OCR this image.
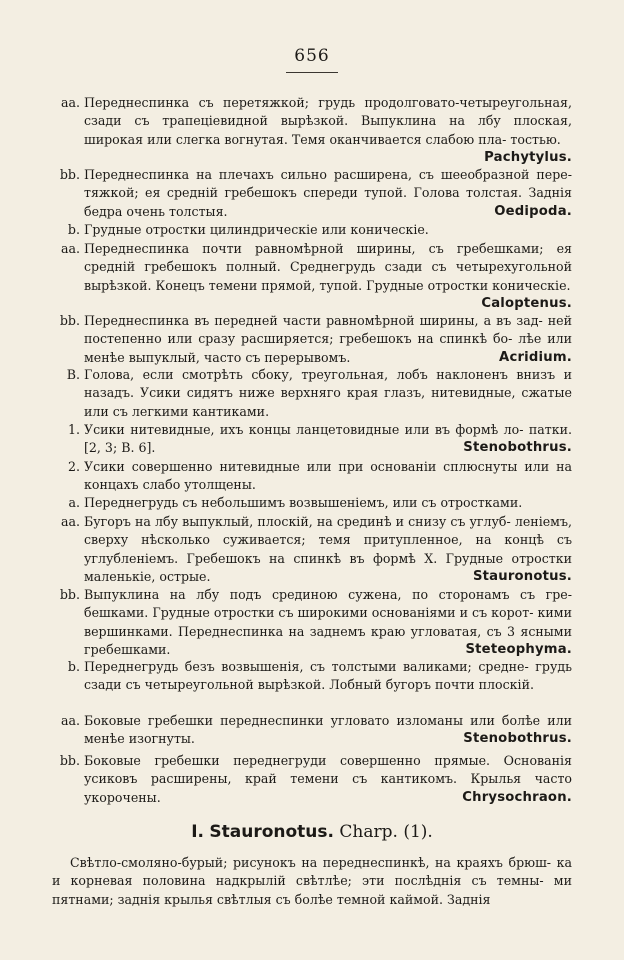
656
aa. Переднеспинка съ перетяжкой; грудь продолговато-четыреугольная, сзади съ трапецiевидной вырѣзкой. Выпуклина на лбу плоская, широкая или слегка вогнутая. Темя оканчивается слабою пла- тостью.
Pachytylus.
bb. Переднеспинка на плечахъ сильно расширена, съ шееобразной пере- тяжкой; ея среднiй гребешокъ спереди тупой. Голова толстая. Заднiя бедра очень толстыя.	Oedipoda.
b. Грудные отростки цилиндрическiе или коническiе.
aa. Переднеспинка почти равномѣрной ширины, съ гребешками; ея среднiй гребешокъ полный. Среднегрудь сзади съ четырехугольной вырѣзкой. Конецъ темени прямой, тупой. Грудные отростки коническiе.
Caloptenus.
bb. Переднеспинка въ передней части равномѣрной ширины, а въ зад- ней постепенно или сразу расширяется; гребешокъ на спинкѣ бо- лѣе или менѣе выпуклый, часто съ перерывомъ.	Acridium.
B. Голова, если смотрѣть сбоку, треугольная, лобъ наклоненъ внизъ и назадъ. Усики сидятъ ниже верхняго края глазъ, нитевидные, сжатые или съ легкими кантиками.
1. Усики нитевидные, ихъ концы ланцетовидные или въ формѣ ло- патки. [2, 3; B. 6].	Stenobothrus.
2. Усики совершенно нитевидные или при основанiи сплюснуты или на концахъ слабо утолщены.
a. Переднегрудь съ небольшимъ возвышенiемъ, или съ отростками.
aa. Бугоръ на лбу выпуклый, плоскiй, на срединѣ и снизу съ углуб- ленiемъ, сверху нѣсколько суживается; темя притупленное, на концѣ съ углубленiемъ. Гребешокъ на спинкѣ въ формѣ X. Грудные отростки маленькiе, острые.	Stauronotus.
bb. Выпуклина на лбу подъ срединою сужена, по сторонамъ съ гре- бешками. Грудные отростки съ широкими основанiями и съ корот- кими вершинками. Переднеспинка на заднемъ краю угловатая, съ 3 ясными гребешками.	Steteophyma.
b. Переднегрудь безъ возвышенiя, съ толстыми валиками; средне- грудь сзади съ четыреугольной вырѣзкой. Лобный бугоръ почти плоскiй.
aa. Боковые гребешки переднеспинки угловато изломаны или болѣе или менѣе изогнуты.	Stenobothrus.
bb. Боковые гребешки переднегруди совершенно прямые. Основанiя усиковъ расширены, край темени съ кантикомъ. Крылья часто укорочены.	Chrysochraon.
I. Stauronotus. Charp. (1).
Свѣтло-смоляно-бурый; рисунокъ на переднеспинкѣ, на краяхъ брюш- ка и корневая половина надкрылiй свѣтлѣе; эти послѣднiя съ темны- ми пятнами; заднiя крылья свѣтлыя съ болѣе темной каймой. Заднiя
